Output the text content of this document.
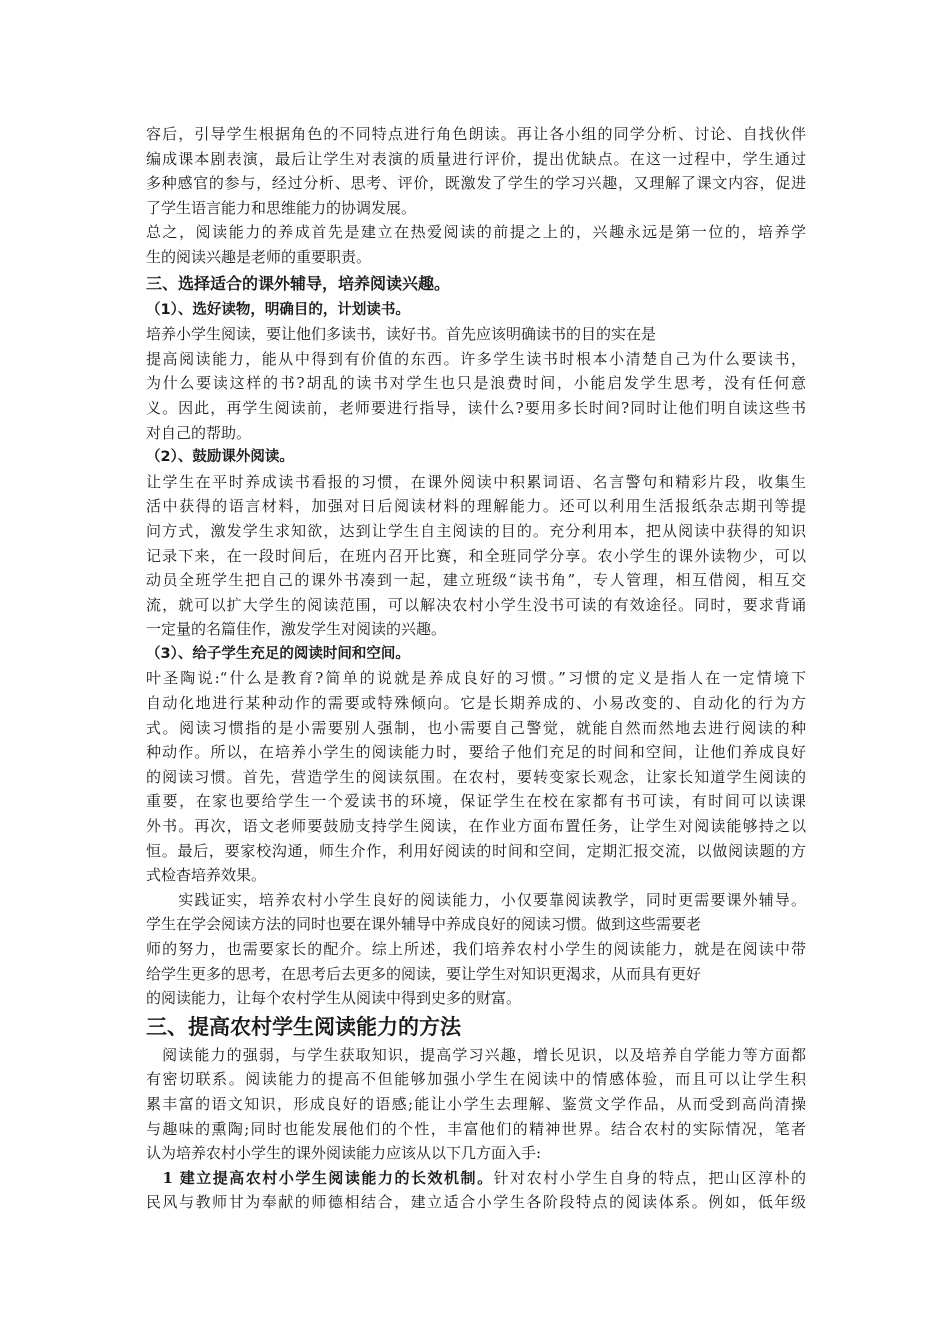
容后，引导学生根据角色的不同特点进行角色朗读。再让各小组的同学分析、讨论、自找伙伴
编成课本剧表演，最后让学生对表演的质量进行评价，提出优缺点。在这一过程中，学生通过
多种感官的参与，经过分析、思考、评价，既激发了学生的学习兴趣，又理解了课文内容，促进
了学生语言能力和思维能力的协调发展。
总之，阅读能力的养成首先是建立在热爱阅读的前提之上的，兴趣永远是第一位的，培养学
生的阅读兴趣是老师的重要职责。
三、选择适合的课外辅导，培养阅读兴趣。
（1）、选好读物，明确目的，计划读书。
培养小学生阅读，要让他们多读书，读好书。首先应该明确读书的目的实在是
提高阅读能力，能从中得到有价值的东西。许多学生读书时根本小清楚自己为什么要读书，
为什么要读这样的书?胡乱的读书对学生也只是浪费时间，小能启发学生思考，没有任何意
义。因此，再学生阅读前，老师要进行指导，读什么?要用多长时间?同时让他们明自读这些书
对自己的帮助。
（2）、鼓励课外阅读。
让学生在平时养成读书看报的习惯，在课外阅读中积累词语、名言警句和精彩片段，收集生
活中获得的语言材料，加强对日后阅读材料的理解能力。还可以利用生活报纸杂志期刊等提
问方式，激发学生求知欲，达到让学生自主阅读的目的。充分利用本，把从阅读中获得的知识
记录下来，在一段时间后，在班内召开比赛，和全班同学分享。农小学生的课外读物少，可以
动员全班学生把自己的课外书凑到一起，建立班级“读书角”，专人管理，相互借阅，相互交
流，就可以扩大学生的阅读范围，可以解决农村小学生没书可读的有效途径。同时，要求背诵
一定量的名篇佳作，激发学生对阅读的兴趣。
（3）、给子学生充足的阅读时间和空间。
叶圣陶说:“什么是教育?简单的说就是养成良好的习惯。”习惯的定义是指人在一定情境下
自动化地进行某种动作的需要或特殊倾向。它是长期养成的、小易改变的、自动化的行为方
式。阅读习惯指的是小需要别人强制，也小需要自己警觉，就能自然而然地去进行阅读的种
种动作。所以，在培养小学生的阅读能力时，要给子他们充足的时间和空间，让他们养成良好
的阅读习惯。首先，营造学生的阅读氛围。在农村，要转变家长观念，让家长知道学生阅读的
重要，在家也要给学生一个爱读书的环境，保证学生在校在家都有书可读，有时间可以读课
外书。再次，语文老师要鼓励支持学生阅读，在作业方面布置任务，让学生对阅读能够持之以
恒。最后，要家校沟通，师生介作，利用好阅读的时间和空间，定期汇报交流，以做阅读题的方
式检杳培养效果。
　　实践证实，培养农村小学生良好的阅读能力，小仅要靠阅读教学，同时更需要课外辅导。
学生在学会阅读方法的同时也要在课外辅导中养成良好的阅读习惯。做到这些需要老
师的努力，也需要家长的配介。综上所述，我们培养农村小学生的阅读能力，就是在阅读中带
给学生更多的思考，在思考后去更多的阅读，要让学生对知识更渴求，从而具有更好
的阅读能力，让每个农村学生从阅读中得到史多的财富。
三、提高农村学生阅读能力的方法
　阅读能力的强弱，与学生获取知识，提高学习兴趣，增长见识，以及培养自学能力等方面都
有密切联系。阅读能力的提高不但能够加强小学生在阅读中的情感体验，而且可以让学生积
累丰富的语文知识，形成良好的语感;能让小学生去理解、鉴赏文学作品，从而受到高尚清操
与趣味的熏陶;同时也能发展他们的个性，丰富他们的精神世界。结合农村的实际情况，笔者
认为培养农村小学生的课外阅读能力应该从以下几方面入手:
　1 建立提高农村小学生阅读能力的长效机制。针对农村小学生自身的特点，把山区淳朴的
民风与教师甘为奉献的师德相结合，建立适合小学生各阶段特点的阅读体系。例如，低年级
